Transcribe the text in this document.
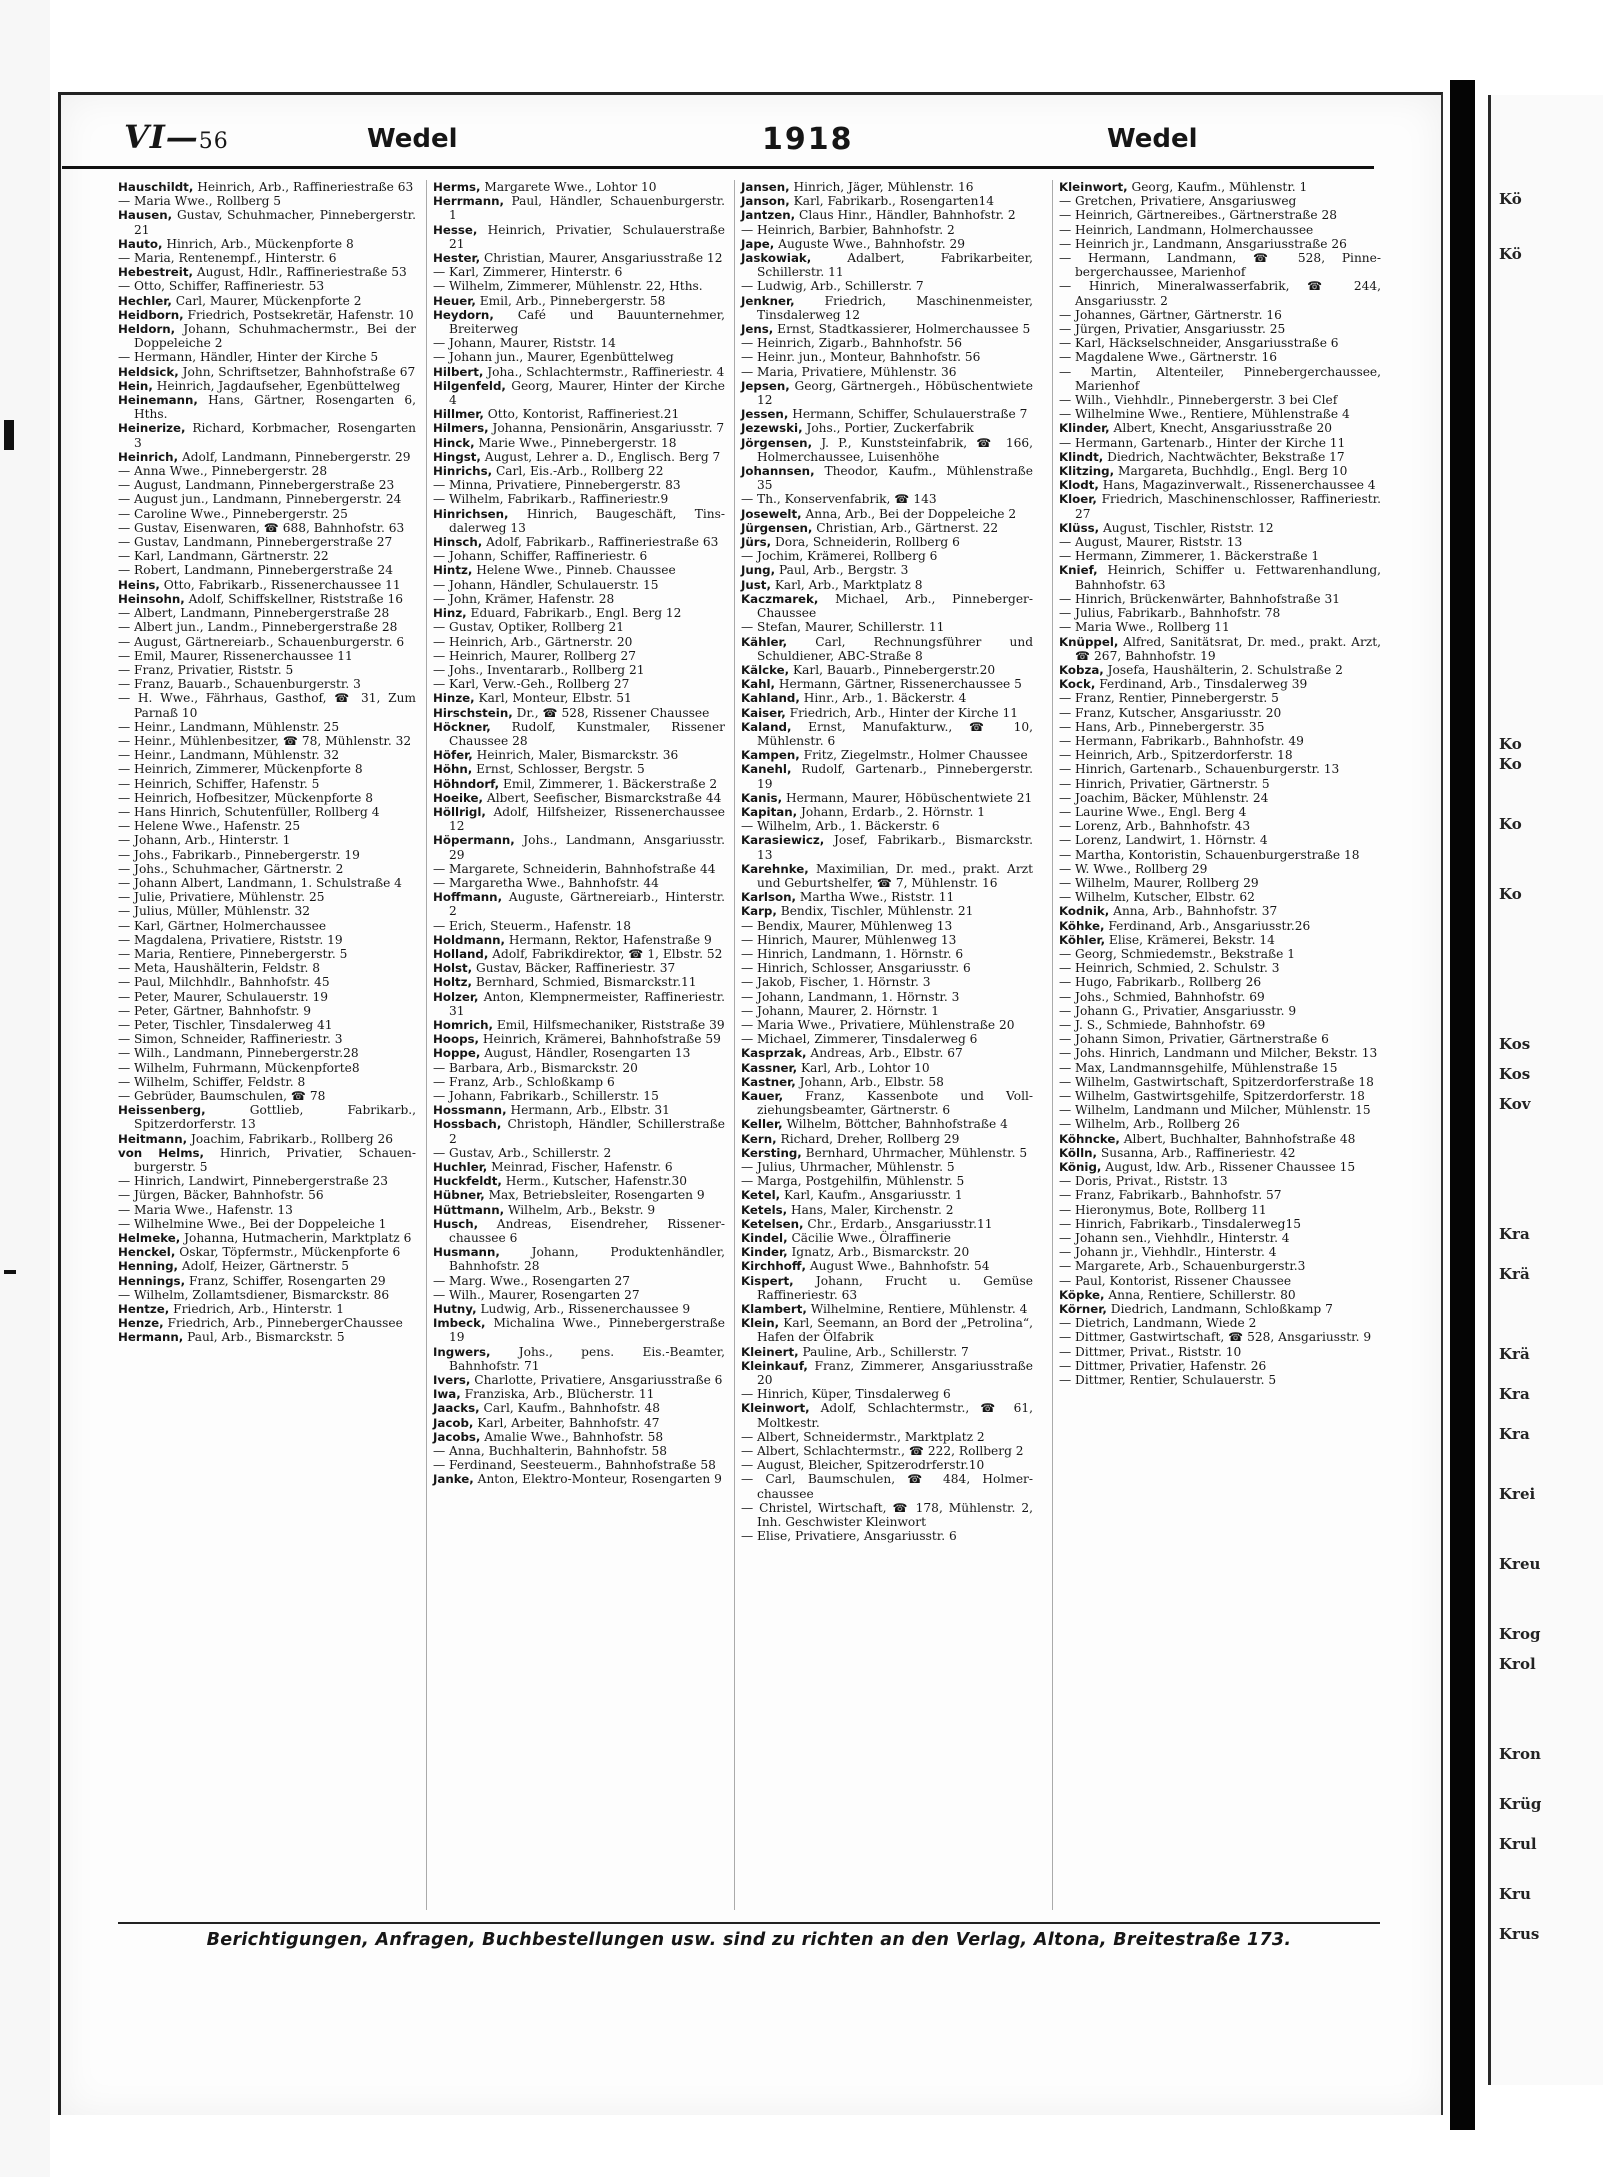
Kö
Kö
Ko
Ko
Ko
Ko
Kos
Kos
Kov
Kra
Krä
Krä
Kra
Kra
Krei
Kreu
Krog
Krol
Kron
Krüg
Krul
Kru
Krus
VI—56	Wedel	1918	Wedel

Hauschildt, Heinrich, Arb., Raffineriestraße 63

— Maria Wwe., Rollberg 5

Hausen, Gustav, Schuhmacher, Pinnebergerstr. 21

Hauto, Hinrich, Arb., Mückenpforte 8

— Maria, Rentenempf., Hinterstr. 6

Hebestreit, August, Hdlr., Raffineriestraße 53

— Otto, Schiffer, Raffineriestr. 53

Hechler, Carl, Maurer, Mückenpforte 2

Heidborn, Friedrich, Postsekretär, Hafenstr. 10

Heldorn, Johann, Schuhmachermstr., Bei der Doppeleiche 2

— Hermann, Händler, Hinter der Kirche 5

Heldsick, John, Schriftsetzer, Bahnhofstraße 67

Hein, Heinrich, Jagdaufseher, Egenbüttelweg

Heinemann, Hans, Gärtner, Rosengarten 6, Hths.

Heinerize, Richard, Korbmacher, Rosengarten 3

Heinrich, Adolf, Landmann, Pinnebergerstr. 29

— Anna Wwe., Pinnebergerstr. 28

— August, Landmann, Pinnebergerstraße 23

— August jun., Landmann, Pinnebergerstr. 24

— Caroline Wwe., Pinnebergerstr. 25

— Gustav, Eisenwaren, ☎ 688, Bahnhofstr. 63

— Gustav, Landmann, Pinnebergerstraße 27

— Karl, Landmann, Gärtnerstr. 22

— Robert, Landmann, Pinnebergerstraße 24

Heins, Otto, Fabrikarb., Rissenerchaussee 11

Heinsohn, Adolf, Schiffskellner, Riststraße 16

— Albert, Landmann, Pinnebergerstraße 28

— Albert jun., Landm., Pinnebergerstraße 28

— August, Gärtnereiarb., Schauenburgerstr. 6

— Emil, Maurer, Rissenerchaussee 11

— Franz, Privatier, Riststr. 5

— Franz, Bauarb., Schauenburgerstr. 3

— H. Wwe., Fährhaus, Gasthof, ☎ 31, Zum Parnaß 10

— Heinr., Landmann, Mühlenstr. 25

— Heinr., Mühlenbesitzer, ☎ 78, Mühlenstr. 32

— Heinr., Landmann, Mühlenstr. 32

— Heinrich, Zimmerer, Mückenpforte 8

— Heinrich, Schiffer, Hafenstr. 5

— Heinrich, Hofbesitzer, Mückenpforte 8

— Hans Hinrich, Schutenfüller, Rollberg 4

— Helene Wwe., Hafenstr. 25

— Johann, Arb., Hinterstr. 1

— Johs., Fabrikarb., Pinnebergerstr. 19

— Johs., Schuhmacher, Gärtnerstr. 2

— Johann Albert, Landmann, 1. Schulstraße 4

— Julie, Privatiere, Mühlenstr. 25

— Julius, Müller, Mühlenstr. 32

— Karl, Gärtner, Holmerchaussee

— Magdalena, Privatiere, Riststr. 19

— Maria, Rentiere, Pinnebergerstr. 5

— Meta, Haushälterin, Feldstr. 8

— Paul, Milchhdlr., Bahnhofstr. 45

— Peter, Maurer, Schulauerstr. 19

— Peter, Gärtner, Bahnhofstr. 9

— Peter, Tischler, Tinsdalerweg 41

— Simon, Schneider, Raffineriestr. 3

— Wilh., Landmann, Pinnebergerstr.28

— Wilhelm, Fuhrmann, Mückenpforte8

— Wilhelm, Schiffer, Feldstr. 8

— Gebrüder, Baumschulen, ☎ 78

Heissenberg,	Gottlieb, Fabrikarb., Spitzerdorferstr. 13

Heitmann, Joachim, Fabrikarb., Rollberg 26

von Helms, Hinrich, Privatier, Schauenburgerstr. 5

— Hinrich, Landwirt, Pinnebergerstraße 23

— Jürgen, Bäcker, Bahnhofstr. 56

— Maria Wwe., Hafenstr. 13

— Wilhelmine Wwe., Bei der Doppeleiche 1

Helmeke, Johanna, Hutmacherin, Marktplatz 6

Henckel, Oskar, Töpfermstr., Mückenpforte 6

Henning, Adolf, Heizer, Gärtnerstr. 5

Hennings, Franz, Schiffer, Rosengarten 29

— Wilhelm, Zollamtsdiener, Bismarckstr. 86

Hentze, Friedrich, Arb., Hinterstr. 1

Henze, Friedrich, Arb., PinnebergerChaussee

Hermann, Paul, Arb., Bismarckstr. 5

Herms, Margarete Wwe., Lohtor 10

Herrmann, Paul, Händler, Schauenburgerstr. 1

Hesse, Heinrich, Privatier, Schulauerstraße 21

Hester, Christian, Maurer, Ansgariusstraße 12

— Karl, Zimmerer, Hinterstr. 6

— Wilhelm, Zimmerer, Mühlenstr. 22, Hths.

Heuer, Emil, Arb., Pinnebergerstr. 58

Heydorn, Café und Bauunternehmer, Breiterweg

— Johann, Maurer, Riststr. 14

— Johann jun., Maurer, Egenbüttelweg

Hilbert, Joha., Schlachtermstr., Raffineriestr. 4

Hilgenfeld, Georg, Maurer, Hinter der Kirche 4

Hillmer, Otto, Kontorist, Raffineriest.21

Hilmers, Johanna, Pensionärin, Ansgariusstr. 7

Hinck, Marie Wwe., Pinnebergerstr. 18

Hingst, August, Lehrer a. D., Englisch. Berg 7

Hinrichs, Carl, Eis.-Arb., Rollberg 22

— Minna, Privatiere, Pinnebergerstr. 83

— Wilhelm, Fabrikarb., Raffineriestr.9

Hinrichsen, Hinrich, Baugeschäft, Tinsdalerweg 13

Hinsch, Adolf, Fabrikarb., Raffineriestraße 63

— Johann, Schiffer, Raffineriestr. 6

Hintz, Helene Wwe., Pinneb. Chaussee

— Johann, Händler, Schulauerstr. 15

— John, Krämer, Hafenstr. 28

Hinz, Eduard, Fabrikarb., Engl. Berg 12

— Gustav, Optiker, Rollberg 21

— Heinrich, Arb., Gärtnerstr. 20

— Heinrich, Maurer, Rollberg 27

— Johs., Inventararb., Rollberg 21

— Karl, Verw.-Geh., Rollberg 27

Hinze, Karl, Monteur, Elbstr. 51

Hirschstein, Dr., ☎ 528, Rissener Chaussee

Höckner, Rudolf, Kunstmaler, Rissener Chaussee 28

Höfer, Heinrich, Maler, Bismarckstr. 36

Höhn, Ernst, Schlosser, Bergstr. 5

Höhndorf, Emil, Zimmerer, 1. Bäckerstraße 2

Hoeike, Albert, Seefischer, Bismarckstraße 44

Höllrigl, Adolf, Hilfsheizer, Rissenerchaussee 12

Höpermann, Johs., Landmann, Ansgariusstr. 29

— Margarete, Schneiderin, Bahnhofstraße 44

— Margaretha Wwe., Bahnhofstr. 44

Hoffmann, Auguste, Gärtnereiarb., Hinterstr. 2

— Erich, Steuerm., Hafenstr. 18

Holdmann, Hermann, Rektor, Hafenstraße 9

Holland, Adolf, Fabrikdirektor, ☎ 1, Elbstr. 52

Holst, Gustav, Bäcker, Raffineriestr. 37

Holtz, Bernhard, Schmied, Bismarckstr.11

Holzer, Anton, Klempnermeister, Raffineriestr. 31

Homrich, Emil, Hilfsmechaniker, Riststraße 39

Hoops, Heinrich, Krämerei, Bahnhofstraße 59

Hoppe, August, Händler, Rosengarten 13

— Barbara, Arb., Bismarckstr. 20

— Franz, Arb., Schloßkamp 6

— Johann, Fabrikarb., Schillerstr. 15

Hossmann, Hermann, Arb., Elbstr. 31

Hossbach, Christoph, Händler, Schillerstraße 2

— Gustav, Arb., Schillerstr. 2

Huchler, Meinrad, Fischer, Hafenstr. 6

Huckfeldt, Herm., Kutscher, Hafenstr.30

Hübner, Max, Betriebsleiter, Rosengarten 9

Hüttmann, Wilhelm, Arb., Bekstr. 9

Husch, Andreas, Eisendreher, Rissenerchaussee 6

Husmann,	Johann, Produktenhändler, Bahnhofstr. 28

— Marg. Wwe., Rosengarten 27

— Wilh., Maurer, Rosengarten 27

Hutny, Ludwig, Arb., Rissenerchaussee 9

Imbeck, Michalina Wwe., Pinnebergerstraße 19

Ingwers, Johs., pens. Eis.-Beamter, Bahnhofstr. 71

Ivers, Charlotte, Privatiere, Ansgariusstraße 6

Iwa, Franziska, Arb., Blücherstr. 11

Jaacks, Carl, Kaufm., Bahnhofstr. 48

Jacob, Karl, Arbeiter, Bahnhofstr. 47

Jacobs, Amalie Wwe., Bahnhofstr. 58

— Anna, Buchhalterin, Bahnhofstr. 58

— Ferdinand, Seesteuerm., Bahnhofstraße 58

Janke, Anton, Elektro-Monteur, Rosengarten 9

Jansen, Hinrich, Jäger, Mühlenstr. 16

Janson, Karl, Fabrikarb., Rosengarten14

Jantzen, Claus Hinr., Händler, Bahnhofstr. 2

— Heinrich, Barbier, Bahnhofstr. 2

Jape, Auguste Wwe., Bahnhofstr. 29

Jaskowiak,	Adalbert, Fabrikarbeiter, Schillerstr. 11

— Ludwig, Arb., Schillerstr. 7

Jenkner, Friedrich, Maschinenmeister, Tinsdalerweg 12

Jens, Ernst, Stadtkassierer, Holmerchaussee 5

— Heinrich, Zigarb., Bahnhofstr. 56

— Heinr. jun., Monteur, Bahnhofstr. 56

— Maria, Privatiere, Mühlenstr. 36

Jepsen, Georg, Gärtnergeh., Höbüschentwiete 12

Jessen, Hermann, Schiffer, Schulauerstraße 7

Jezewski, Johs., Portier, Zuckerfabrik

Jörgensen, J. P., Kunststeinfabrik, ☎ 166, Holmerchaussee, Luisenhöhe

Johannsen, Theodor, Kaufm., Mühlenstraße 35

— Th., Konservenfabrik, ☎ 143

Josewelt, Anna, Arb., Bei der Doppeleiche 2

Jürgensen, Christian, Arb., Gärtnerst. 22

Jürs, Dora, Schneiderin, Rollberg 6

— Jochim, Krämerei, Rollberg 6

Jung, Paul, Arb., Bergstr. 3

Just, Karl, Arb., Marktplatz 8

Kaczmarek, Michael, Arb., PinnebergerChaussee

— Stefan, Maurer, Schillerstr. 11

Kähler, Carl, Rechnungsführer und Schuldiener, ABC-Straße 8

Kälcke, Karl, Bauarb., Pinnebergerstr.20

Kahl, Hermann, Gärtner, Rissenerchaussee 5

Kahland, Hinr., Arb., 1. Bäckerstr. 4

Kaiser, Friedrich, Arb., Hinter der Kirche 11

Kaland, Ernst, Manufakturw., ☎ 10, Mühlenstr. 6

Kampen, Fritz, Ziegelmstr., Holmer Chaussee

Kanehl, Rudolf, Gartenarb., Pinnebergerstr. 19

Kanis, Hermann, Maurer, Höbüschentwiete 21

Kapitan, Johann, Erdarb., 2. Hörnstr. 1

— Wilhelm, Arb., 1. Bäckerstr. 6

Karasiewicz, Josef, Fabrikarb., Bismarckstr. 13

Karehnke, Maximilian, Dr. med., prakt. Arzt und Geburtshelfer, ☎ 7, Mühlenstr. 16

Karlson, Martha Wwe., Riststr. 11

Karp, Bendix, Tischler, Mühlenstr. 21

— Bendix, Maurer, Mühlenweg 13

— Hinrich, Maurer, Mühlenweg 13

— Hinrich, Landmann, 1. Hörnstr. 6

— Hinrich, Schlosser, Ansgariusstr. 6

— Jakob, Fischer, 1. Hörnstr. 3

— Johann, Landmann, 1. Hörnstr. 3

— Johann, Maurer, 2. Hörnstr. 1

— Maria Wwe., Privatiere, Mühlenstraße 20

— Michael, Zimmerer, Tinsdalerweg 6

Kasprzak, Andreas, Arb., Elbstr. 67

Kassner, Karl, Arb., Lohtor 10

Kastner, Johann, Arb., Elbstr. 58

Kauer, Franz, Kassenbote und Vollziehungsbeamter, Gärtnerstr. 6

Keller, Wilhelm, Böttcher, Bahnhofstraße 4

Kern, Richard, Dreher, Rollberg 29

Kersting, Bernhard, Uhrmacher, Mühlenstr. 5

— Julius, Uhrmacher, Mühlenstr. 5

— Marga, Postgehilfin, Mühlenstr. 5

Ketel, Karl, Kaufm., Ansgariusstr. 1

Ketels, Hans, Maler, Kirchenstr. 2

Ketelsen, Chr., Erdarb., Ansgariusstr.11

Kindel, Cäcilie Wwe., Ölraffinerie

Kinder, Ignatz, Arb., Bismarckstr. 20

Kirchhoff, August Wwe., Bahnhofstr. 54

Kispert, Johann, Frucht u. Gemüse Raffineriestr. 63

Klambert, Wilhelmine, Rentiere, Mühlenstr. 4

Klein, Karl, Seemann, an Bord der „Petrolina“, Hafen der Ölfabrik

Kleinert, Pauline, Arb., Schillerstr. 7

Kleinkauf, Franz, Zimmerer, Ansgariusstraße 20

— Hinrich, Küper, Tinsdalerweg 6

Kleinwort, Adolf, Schlachtermstr., ☎ 61, Moltkestr.

— Albert, Schneidermstr., Marktplatz 2

— Albert, Schlachtermstr., ☎ 222, Rollberg 2

— August, Bleicher, Spitzerodrferstr.10

— Carl, Baumschulen, ☎ 484, Holmerchaussee

— Christel, Wirtschaft, ☎ 178, Mühlenstr. 2, Inh. Geschwister Kleinwort

— Elise, Privatiere, Ansgariusstr. 6

Kleinwort, Georg, Kaufm., Mühlenstr. 1

— Gretchen, Privatiere, Ansgariusweg

— Heinrich, Gärtnereibes., Gärtnerstraße 28

— Heinrich, Landmann, Holmerchaussee

— Heinrich jr., Landmann, Ansgariusstraße 26

— Hermann, Landmann, ☎ 528, Pinnebergerchaussee, Marienhof

— Hinrich, Mineralwasserfabrik, ☎ 244, Ansgariusstr. 2

— Johannes, Gärtner, Gärtnerstr. 16

— Jürgen, Privatier, Ansgariusstr. 25

— Karl, Häckselschneider, Ansgariusstraße 6

— Magdalene Wwe., Gärtnerstr. 16

— Martin, Altenteiler, Pinnebergerchaussee, Marienhof

— Wilh., Viehhdlr., Pinnebergerstr. 3 bei Clef

— Wilhelmine Wwe., Rentiere, Mühlenstraße 4

Klinder, Albert, Knecht, Ansgariusstraße 20

— Hermann, Gartenarb., Hinter der Kirche 11

Klindt, Diedrich, Nachtwächter, Bekstraße 17

Klitzing, Margareta, Buchhdlg., Engl. Berg 10

Klodt, Hans, Magazinverwalt., Rissenerchaussee 4

Kloer, Friedrich, Maschinenschlosser, Raffineriestr. 27

Klüss, August, Tischler, Riststr. 12

— August, Maurer, Riststr. 13

— Hermann, Zimmerer, 1. Bäckerstraße 1

Knief, Heinrich, Schiffer u. Fettwarenhandlung, Bahnhofstr. 63

— Hinrich, Brückenwärter, Bahnhofstraße 31

— Julius, Fabrikarb., Bahnhofstr. 78

— Maria Wwe., Rollberg 11

Knüppel, Alfred, Sanitätsrat, Dr. med., prakt. Arzt, ☎ 267, Bahnhofstr. 19

Kobza, Josefa, Haushälterin, 2. Schulstraße 2

Kock, Ferdinand, Arb., Tinsdalerweg 39

— Franz, Rentier, Pinnebergerstr. 5

— Franz, Kutscher, Ansgariusstr. 20

— Hans, Arb., Pinnebergerstr. 35

— Hermann, Fabrikarb., Bahnhofstr. 49

— Heinrich, Arb., Spitzerdorferstr. 18

— Hinrich, Gartenarb., Schauenburgerstr. 13

— Hinrich, Privatier, Gärtnerstr. 5

— Joachim, Bäcker, Mühlenstr. 24

— Laurine Wwe., Engl. Berg 4

— Lorenz, Arb., Bahnhofstr. 43

— Lorenz, Landwirt, 1. Hörnstr. 4

— Martha, Kontoristin, Schauenburgerstraße 18

— W. Wwe., Rollberg 29

— Wilhelm, Maurer, Rollberg 29

— Wilhelm, Kutscher, Elbstr. 62

Kodnik, Anna, Arb., Bahnhofstr. 37

Köhke, Ferdinand, Arb., Ansgariusstr.26

Köhler, Elise, Krämerei, Bekstr. 14

— Georg, Schmiedemstr., Bekstraße 1

— Heinrich, Schmied, 2. Schulstr. 3

— Hugo, Fabrikarb., Rollberg 26

— Johs., Schmied, Bahnhofstr. 69

— Johann G., Privatier, Ansgariusstr. 9

— J. S., Schmiede, Bahnhofstr. 69

— Johann Simon, Privatier, Gärtnerstraße 6

— Johs. Hinrich, Landmann und Milcher, Bekstr. 13

— Max, Landmannsgehilfe, Mühlenstraße 15

— Wilhelm, Gastwirtschaft, Spitzerdorferstraße 18

— Wilhelm, Gastwirtsgehilfe, Spitzerdorferstr. 18

— Wilhelm, Landmann und Milcher, Mühlenstr. 15

— Wilhelm, Arb., Rollberg 26

Köhncke, Albert, Buchhalter, Bahnhofstraße 48

Kölln, Susanna, Arb., Raffineriestr. 42

König, August, ldw. Arb., Rissener Chaussee 15

— Doris, Privat., Riststr. 13

— Franz, Fabrikarb., Bahnhofstr. 57

— Hieronymus, Bote, Rollberg 11

— Hinrich, Fabrikarb., Tinsdalerweg15

— Johann sen., Viehhdlr., Hinterstr. 4

— Johann jr., Viehhdlr., Hinterstr. 4

— Margarete, Arb., Schauenburgerstr.3

— Paul, Kontorist, Rissener Chaussee

Köpke, Anna, Rentiere, Schillerstr. 80

Körner, Diedrich, Landmann, Schloßkamp 7

— Dietrich, Landmann, Wiede 2

— Dittmer, Gastwirtschaft, ☎ 528, Ansgariusstr. 9

— Dittmer, Privat., Riststr. 10

— Dittmer, Privatier, Hafenstr. 26

— Dittmer, Rentier, Schulauerstr. 5

Berichtigungen, Anfragen, Buchbestellungen usw. sind zu richten an den Verlag, Altona, Breitestraße 173.
